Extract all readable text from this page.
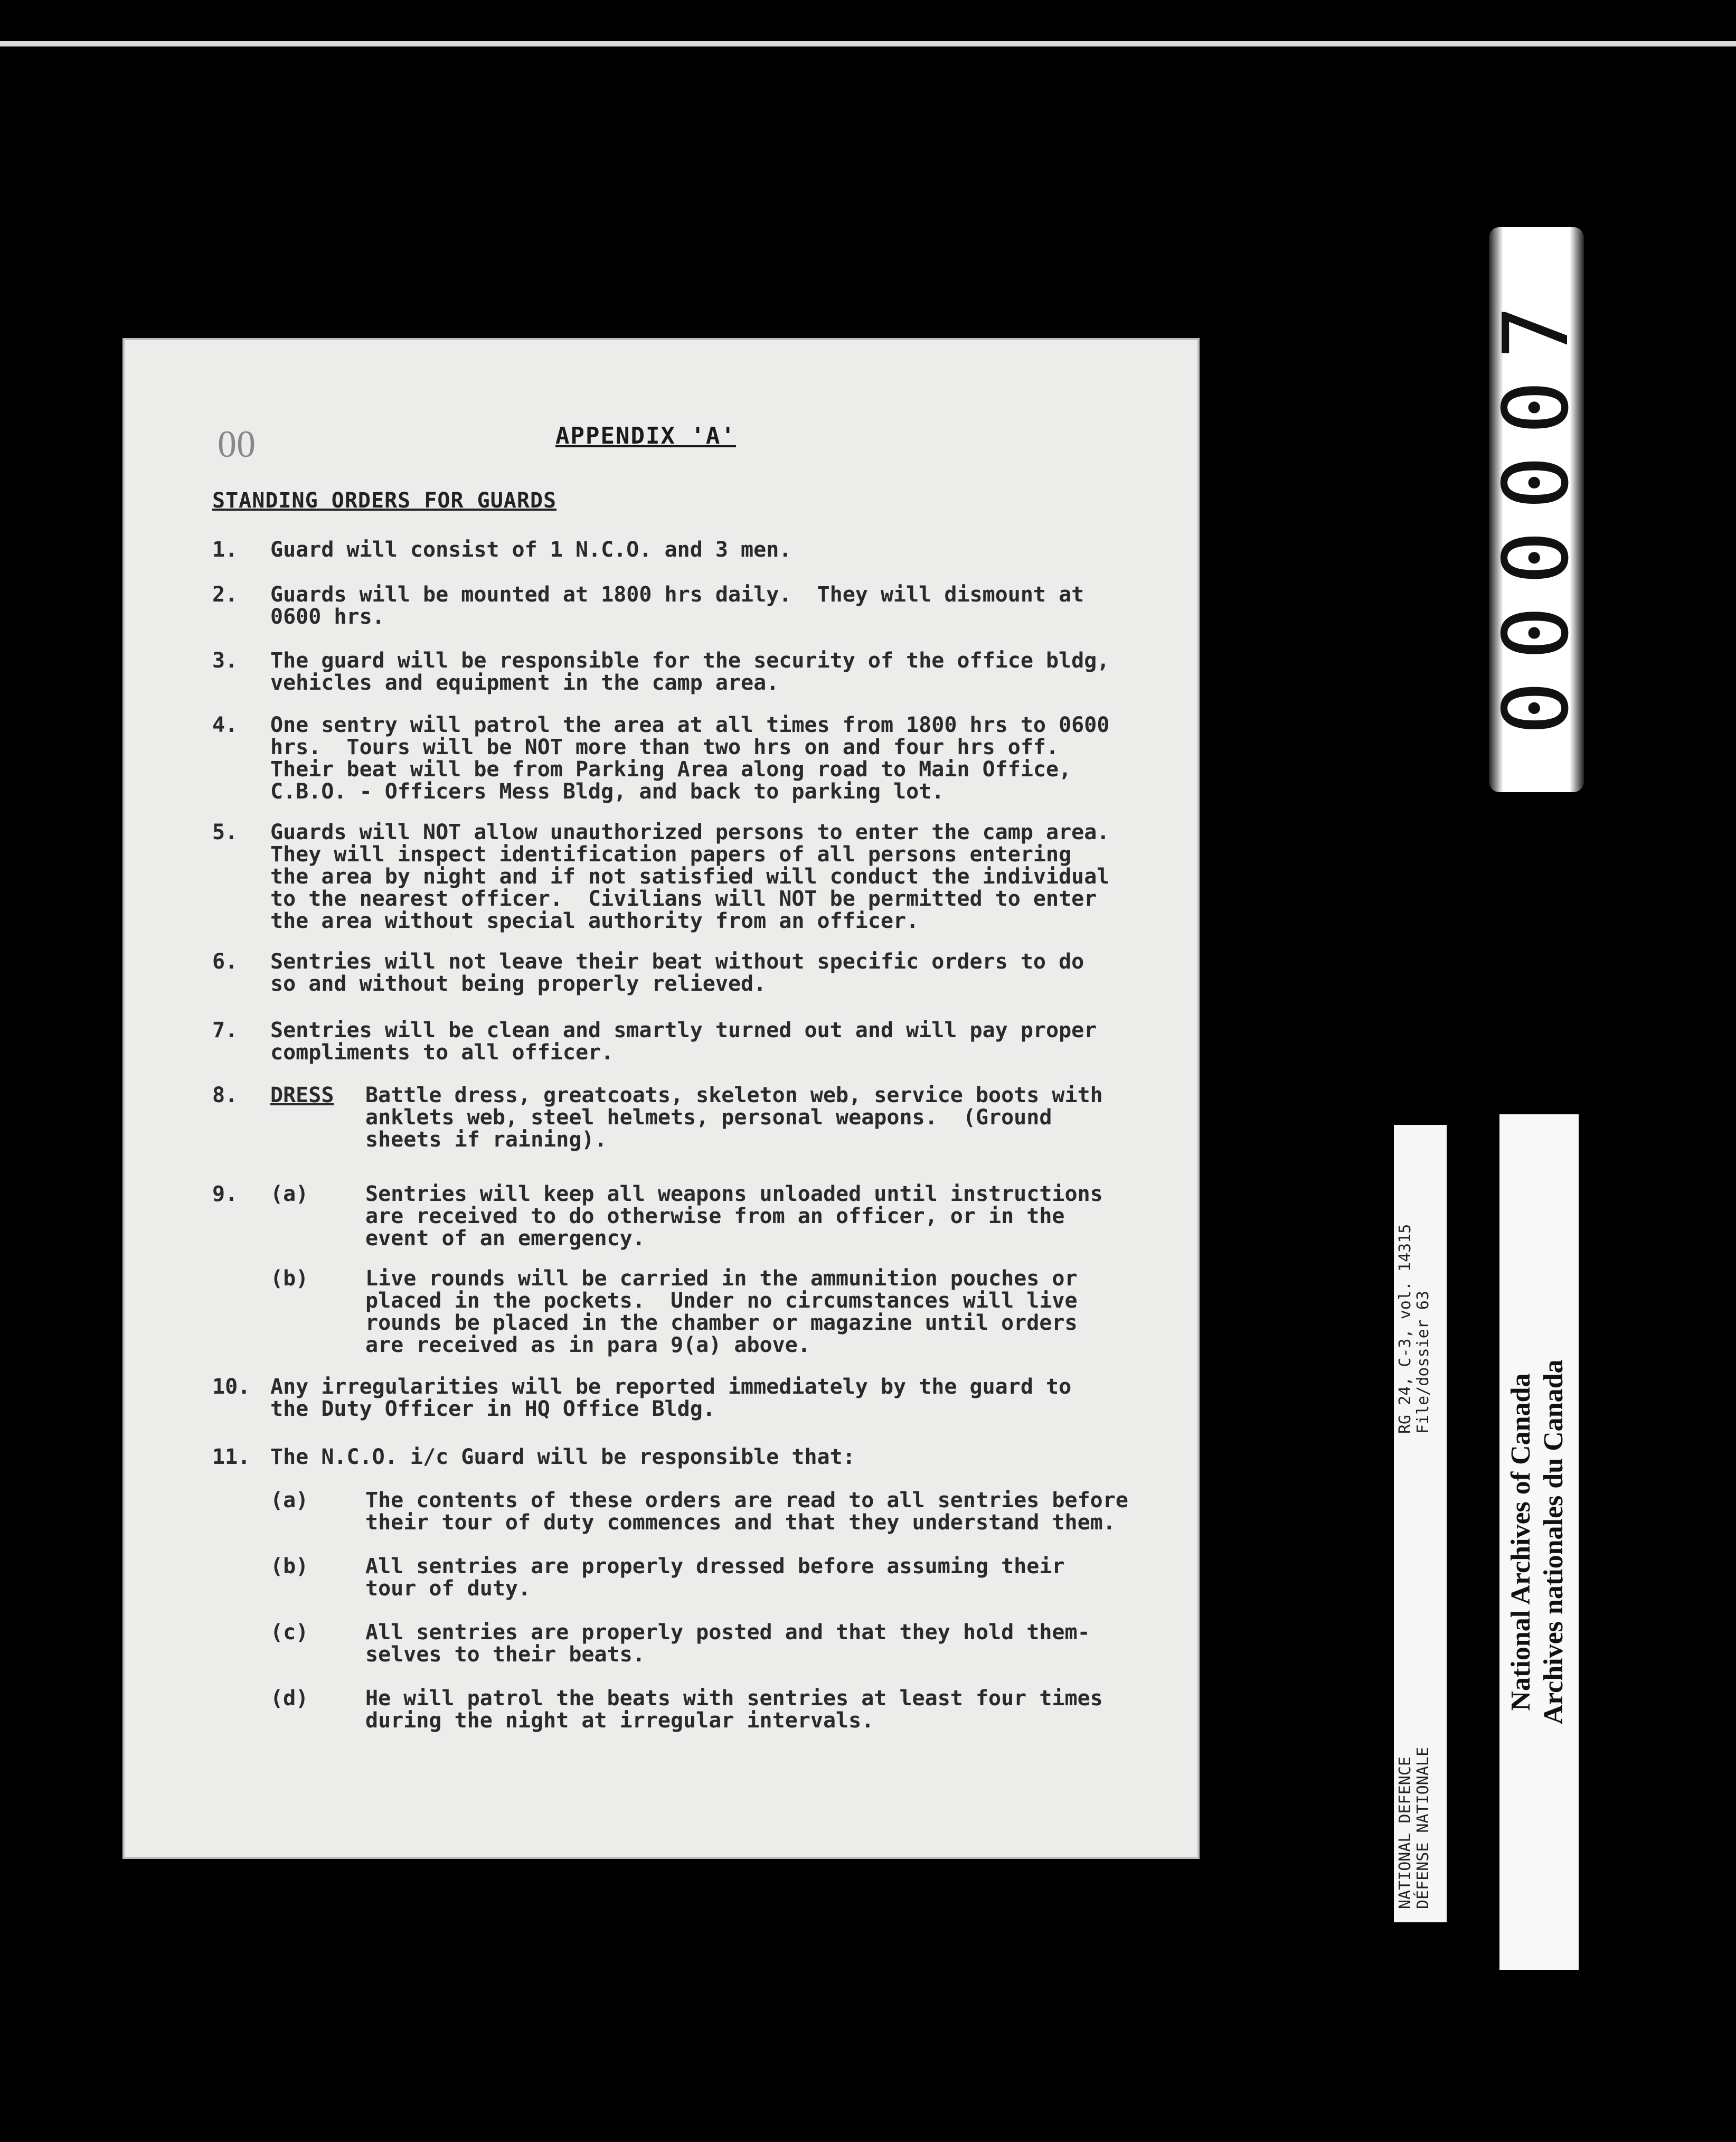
00	APPENDIX 'A'
STANDING ORDERS FOR GUARDS

1.

	Guard will consist of 1 N.C.O. and 3 men.

2.

	Guards will be mounted at 1800 hrs daily.  They will dismount at
0600 hrs.

3.

	The guard will be responsible for the security of the office bldg,
vehicles and equipment in the camp area.

4.

	One sentry will patrol the area at all times from 1800 hrs to 0600
hrs.  Tours will be NOT more than two hrs on and four hrs off.
Their beat will be from Parking Area along road to Main Office,
C.B.O. - Officers Mess Bldg, and back to parking lot.

5.

	Guards will NOT allow unauthorized persons to enter the camp area.
They will inspect identification papers of all persons entering
the area by night and if not satisfied will conduct the individual
to the nearest officer.  Civilians will NOT be permitted to enter
the area without special authority from an officer.

6.

	Sentries will not leave their beat without specific orders to do
so and without being properly relieved.

7.

	Sentries will be clean and smartly turned out and will pay proper
compliments to all officer.

8.

	DRESS

Battle dress, greatcoats, skeleton web, service boots with
anklets web, steel helmets, personal weapons.  (Ground
sheets if raining).

9.

	(a)

	Sentries will keep all weapons unloaded until instructions
are received to do otherwise from an officer, or in the
event of an emergency.

(b)

	Live rounds will be carried in the ammunition pouches or
placed in the pockets.  Under no circumstances will live
rounds be placed in the chamber or magazine until orders
are received as in para 9(a) above.

10.

Any irregularities will be reported immediately by the guard to
the Duty Officer in HQ Office Bldg.

11.

The N.C.O. i/c Guard will be responsible that:

(a)

	The contents of these orders are read to all sentries before
their tour of duty commences and that they understand them.

(b)

	All sentries are properly dressed before assuming their
tour of duty.

(c)

	All sentries are properly posted and that they hold them-
selves to their beats.

(d)

	He will patrol the beats with sentries at least four times
during the night at irregular intervals.

000007
NATIONAL DEFENCE DÉFENSE NATIONALE
RG 24, C-3, vol. 14315 File/dossier 63
National Archives of Canada Archives nationales du Canada
